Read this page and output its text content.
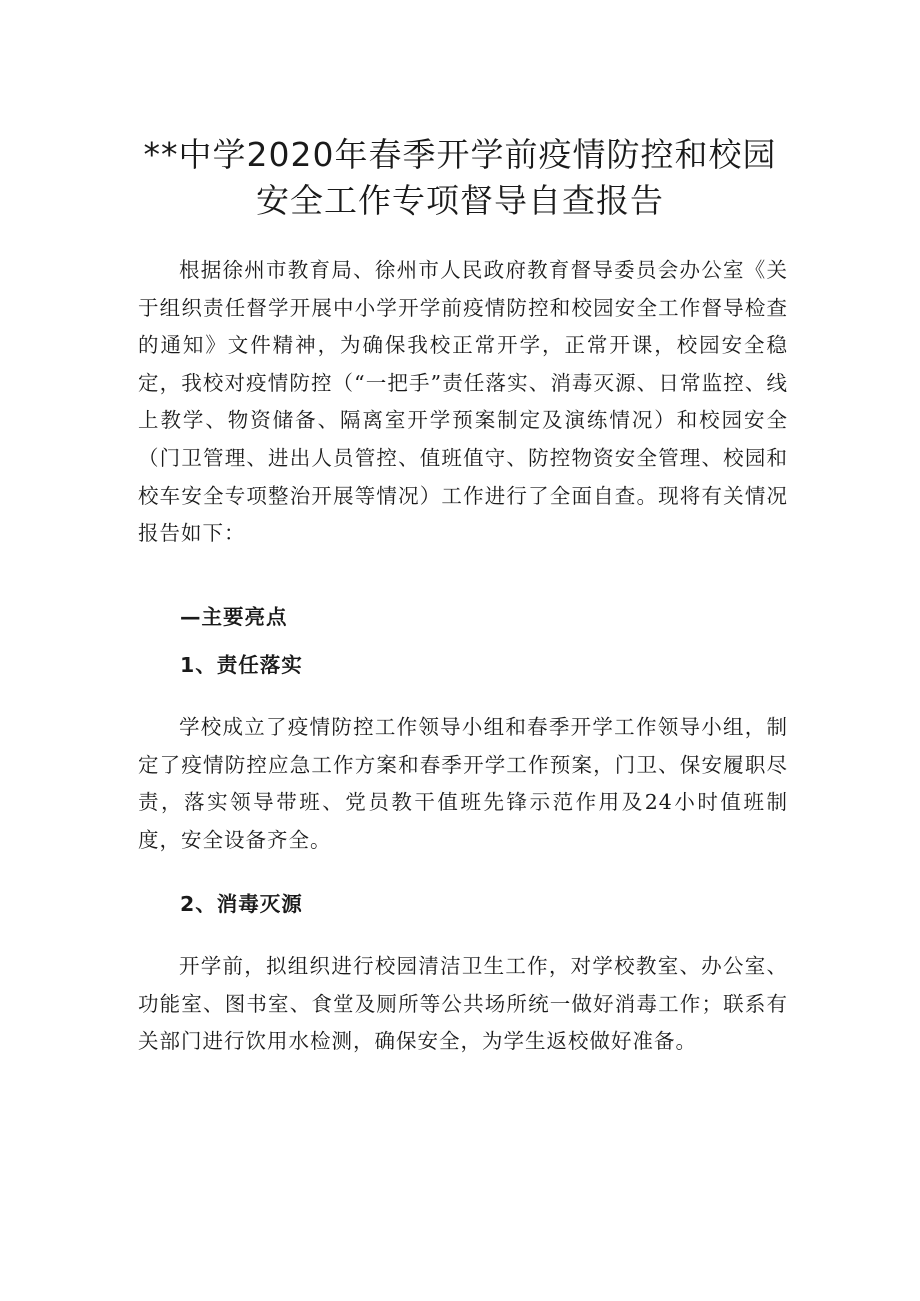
**中学2020年春季开学前疫情防控和校园
安全工作专项督导自查报告
根据徐州市教育局、徐州市人民政府教育督导委员会办公室《关于组织责任督学开展中小学开学前疫情防控和校园安全工作督导检查的通知》文件精神，为确保我校正常开学，正常开课，校园安全稳定，我校对疫情防控（“一把手”责任落实、消毒灭源、日常监控、线上教学、物资储备、隔离室开学预案制定及演练情况）和校园安全（门卫管理、进出人员管控、值班值守、防控物资安全管理、校园和校车安全专项整治开展等情况）工作进行了全面自查。现将有关情况报告如下：
—主要亮点
1、责任落实
学校成立了疫情防控工作领导小组和春季开学工作领导小组，制定了疫情防控应急工作方案和春季开学工作预案，门卫、保安履职尽责，落实领导带班、党员教干值班先锋示范作用及24小时值班制度，安全设备齐全。
2、消毒灭源
开学前，拟组织进行校园清洁卫生工作，对学校教室、办公室、功能室、图书室、食堂及厕所等公共场所统一做好消毒工作；联系有关部门进行饮用水检测，确保安全，为学生返校做好准备。
